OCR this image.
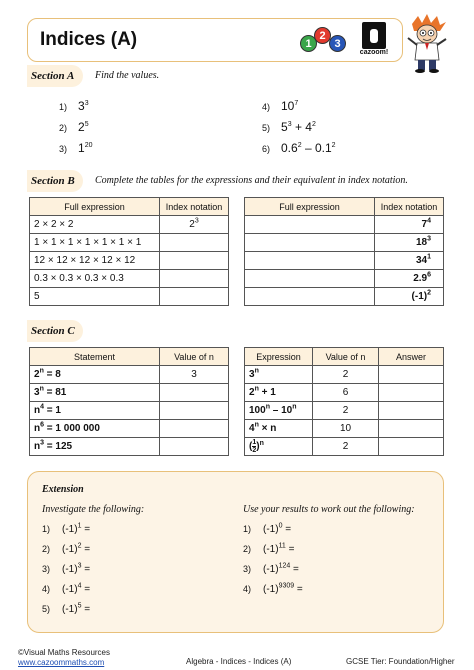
Indices (A)	1
2
3
cazoom!
Section A	Find the values.
1) $3^3$
2) $2^5$
3) $1^{20}$
4) $10^7$
5) $5^3 + 4^2$
6) $0.6^2 - 0.1^2$
Section B	Complete the tables for the expressions and their equivalent in index notation.
Full expression	Index notation
2 × 2 × 2	$2^3$
1 × 1 × 1 × 1 × 1 × 1 × 1	
12 × 12 × 12 × 12 × 12	
0.3 × 0.3 × 0.3 × 0.3	
5	
Full expression	Index notation
	$7^4$
	$18^3$
	$34^1$
	$2.9^6$
	$(-1)^2$
Section C
Statement	Value of n
$2^n = 8$	3
$3^n = 81$	
$n^4 = 1$	
$n^6 = 1$ 000 000	
$n^3 = 125$	
Expression	Value of n	Answer
3$^n$	2	
$2^n + 1$	6	
100$^n$ – 10$^n$	2	
$4^n \times n$	10	
( $\frac{1}{2} )^n$	2	
Extension
Investigate the following:	Use your results to work out the following:
1) $(-1)^1$ =
2) $(-1)^2$ =
3) $(-1)^3$ =
4) $(-1)^4$ =
5) $(-1)^5$ =
1) $(-1)^0$ =
2) $(-1)^{11}$ =
3) $(-1)^{124}$ =
4) $(-1)^{9309}$ =
©Visual Maths Resources
www.cazoommaths.com	Algebra - Indices - Indices (A)	GCSE Tier: Foundation/Higher
